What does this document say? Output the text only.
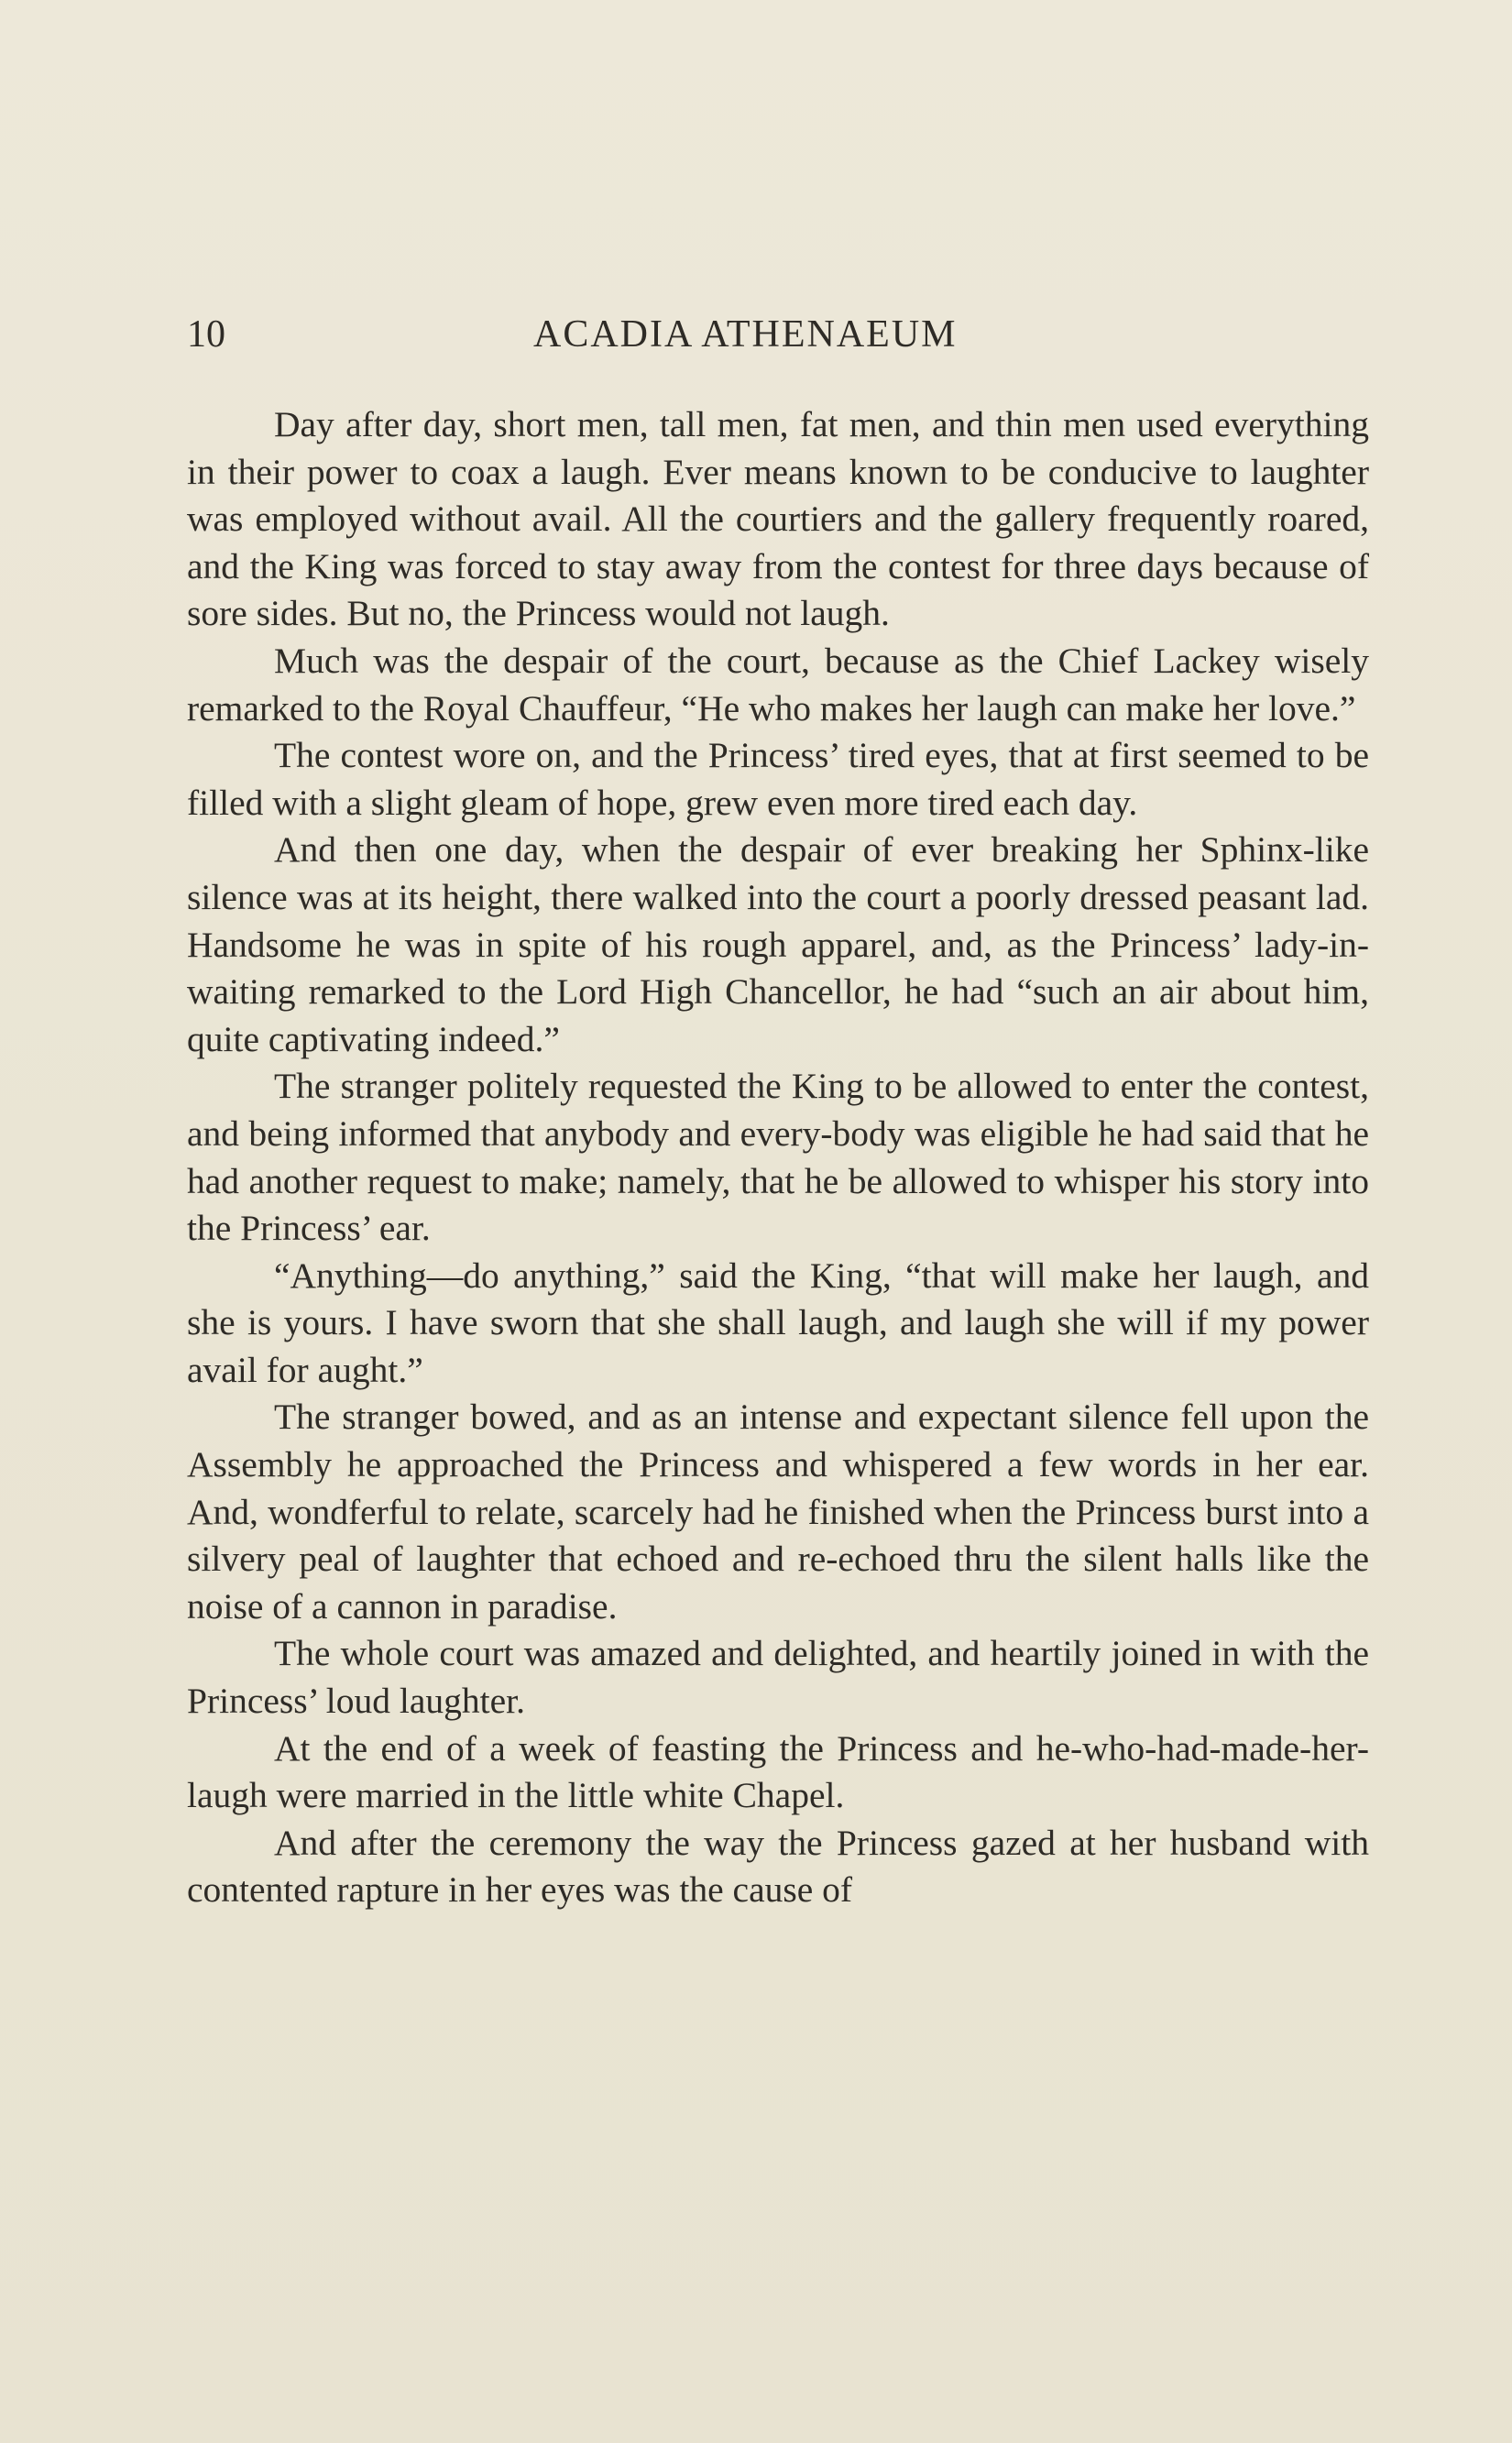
10	ACADIA ATHENAEUM

Day after day, short men, tall men, fat men, and thin men used everything in their power to coax a laugh. Ever means known to be conducive to laughter was employed without avail. All the courtiers and the gallery frequently roared, and the King was forced to stay away from the contest for three days because of sore sides. But no, the Princess would not laugh.

Much was the despair of the court, because as the Chief Lackey wisely remarked to the Royal Chauffeur, “He who makes her laugh can make her love.”

The contest wore on, and the Princess’ tired eyes, that at first seemed to be filled with a slight gleam of hope, grew even more tired each day.

And then one day, when the despair of ever breaking her Sphinx-like silence was at its height, there walked into the court a poorly dressed peasant lad. Handsome he was in spite of his rough apparel, and, as the Princess’ lady-in-waiting remarked to the Lord High Chancellor, he had “such an air about him, quite captivating indeed.”

The stranger politely requested the King to be allowed to enter the contest, and being informed that anybody and every-body was eligible he had said that he had another request to make; namely, that he be allowed to whisper his story into the Princess’ ear.

“Anything—do anything,” said the King, “that will make her laugh, and she is yours. I have sworn that she shall laugh, and laugh she will if my power avail for aught.”

The stranger bowed, and as an intense and expectant silence fell upon the Assembly he approached the Princess and whispered a few words in her ear. And, wondferful to relate, scarcely had he finished when the Princess burst into a silvery peal of laughter that echoed and re-echoed thru the silent halls like the noise of a cannon in paradise.

The whole court was amazed and delighted, and heartily joined in with the Princess’ loud laughter.

At the end of a week of feasting the Princess and he-who-had-made-her-laugh were married in the little white Chapel.

And after the ceremony the way the Princess gazed at her husband with contented rapture in her eyes was the cause of
